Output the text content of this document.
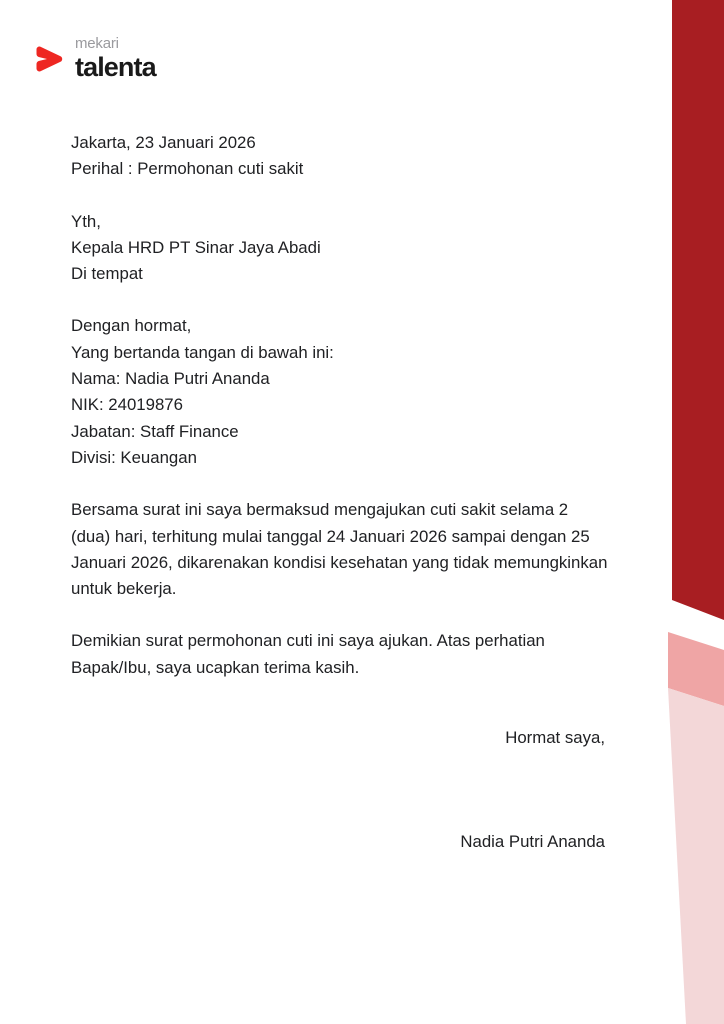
mekari
talenta
Jakarta, 23 Januari 2026
Perihal : Permohonan cuti sakit
Yth,
Kepala HRD PT Sinar Jaya Abadi
Di tempat
Dengan hormat,
Yang bertanda tangan di bawah ini:
Nama: Nadia Putri Ananda
NIK: 24019876
Jabatan: Staff Finance
Divisi: Keuangan

Bersama surat ini saya bermaksud mengajukan cuti sakit selama 2 (dua) hari, terhitung mulai tanggal 24 Januari 2026 sampai dengan 25 Januari 2026, dikarenakan kondisi kesehatan yang tidak memungkinkan untuk bekerja.

Demikian surat permohonan cuti ini saya ajukan. Atas perhatian Bapak/Ibu, saya ucapkan terima kasih.

Hormat saya,
Nadia Putri Ananda
